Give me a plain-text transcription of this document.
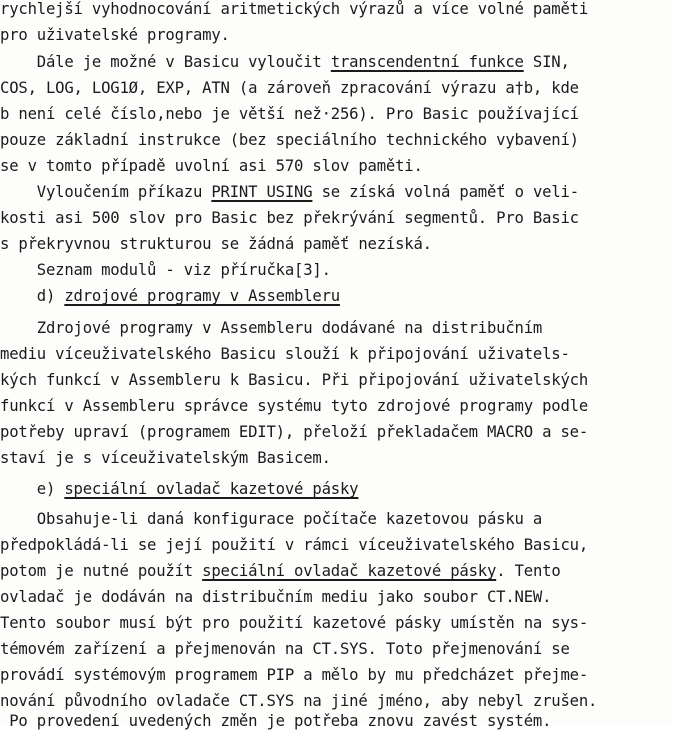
rychlejší vyhodnocování aritmetických výrazů a více volné paměti
pro uživatelské programy.
Dále je možné v Basicu vyloučit transcendentní funkce SIN,
COS, LOG, LOG1Ø, EXP, ATN (a zároveň zpracování výrazu a†b, kde
b není celé číslo,nebo je větší než·256). Pro Basic používající
pouze základní instrukce (bez speciálního technického vybavení)
se v tomto případě uvolní asi 570 slov paměti.
Vyloučením příkazu PRINT USING se získá volná paměť o veli-
kosti asi 500 slov pro Basic bez překrývání segmentů. Pro Basic
s překryvnou strukturou se žádná paměť nezíská.
Seznam modulů - viz příručka[3].
d) zdrojové programy v Assembleru
Zdrojové programy v Assembleru dodávané na distribučním
mediu víceuživatelského Basicu slouží k připojování uživatels-
kých funkcí v Assembleru k Basicu. Při připojování uživatelských
funkcí v Assembleru správce systému tyto zdrojové programy podle
potřeby upraví (programem EDIT), přeloží překladačem MACRO a se-
staví je s víceuživatelským Basicem.
e) speciální ovladač kazetové pásky
Obsahuje-li daná konfigurace počítače kazetovou pásku a
předpokládá-li se její použití v rámci víceuživatelského Basicu,
potom je nutné použít speciální ovladač kazetové pásky. Tento
ovladač je dodáván na distribučním mediu jako soubor CT.NEW.
Tento soubor musí být pro použití kazetové pásky umístěn na sys-
témovém zařízení a přejmenován na CT.SYS. Toto přejmenování se
provádí systémovým programem PIP a mělo by mu předcházet přejme-
nování původního ovladače CT.SYS na jiné jméno, aby nebyl zrušen.
Po provedení uvedených změn je potřeba znovu zavést systém.
